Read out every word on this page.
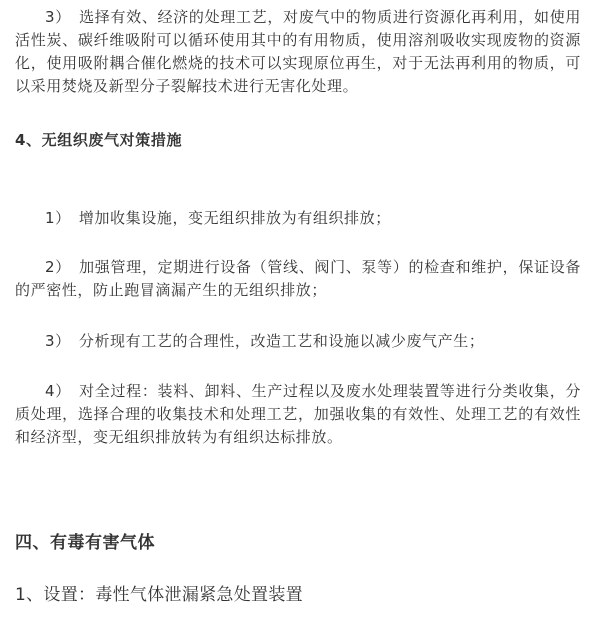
3）　选择有效、经济的处理工艺，对废气中的物质进行资源化再利用，如使用活性炭、碳纤维吸附可以循环使用其中的有用物质，使用溶剂吸收实现废物的资源化，使用吸附耦合催化燃烧的技术可以实现原位再生，对于无法再利用的物质，可以采用焚烧及新型分子裂解技术进行无害化处理。

4、无组织废气对策措施

1）　增加收集设施，变无组织排放为有组织排放；

2）　加强管理，定期进行设备（管线、阀门、泵等）的检查和维护，保证设备的严密性，防止跑冒滴漏产生的无组织排放；

3）　分析现有工艺的合理性，改造工艺和设施以减少废气产生；

4）　对全过程：装料、卸料、生产过程以及废水处理装置等进行分类收集，分质处理，选择合理的收集技术和处理工艺，加强收集的有效性、处理工艺的有效性和经济型，变无组织排放转为有组织达标排放。

四、有毒有害气体

1、设置：毒性气体泄漏紧急处置装置
